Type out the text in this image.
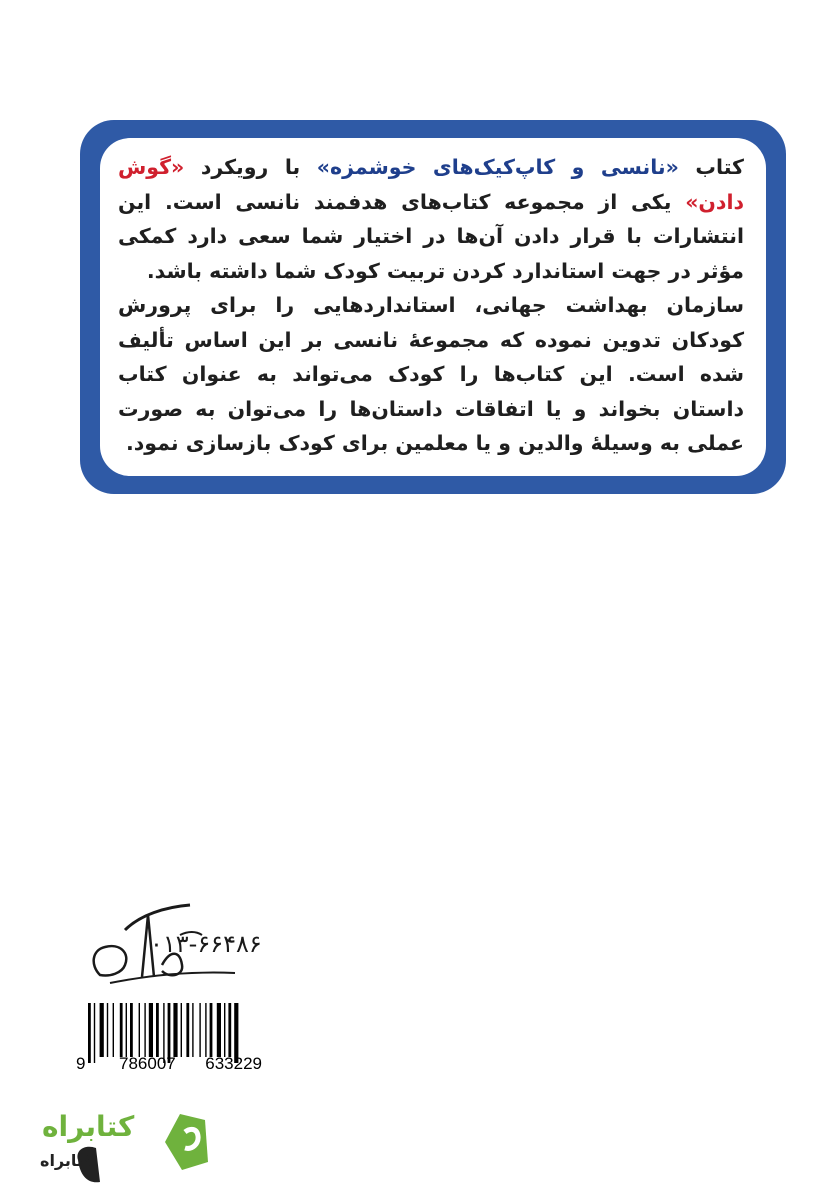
کتاب «نانسی و کاپ‌کیک‌های خوشمزه» با رویکرد «گوش دادن» یکی از مجموعه کتاب‌های هدفمند نانسی است. این انتشارات با قرار دادن آن‌ها در اختیار شما سعی دارد کمکی مؤثر در جهت استاندارد کردن تربیت کودک شما داشته باشد.

سازمان بهداشت جهانی، استانداردهایی را برای پرورش کودکان تدوین نموده که مجموعهٔ نانسی بر این اساس تألیف شده است. این کتاب‌ها را کودک می‌تواند به عنوان کتاب داستان بخواند و یا اتفاقات داستان‌ها را می‌توان به صورت عملی به وسیلهٔ والدین و یا معلمین برای کودک بازسازی نمود.

۰۱۳-۶۶۴۸۶
9 786007 633229
کتابراه
کتابراه
